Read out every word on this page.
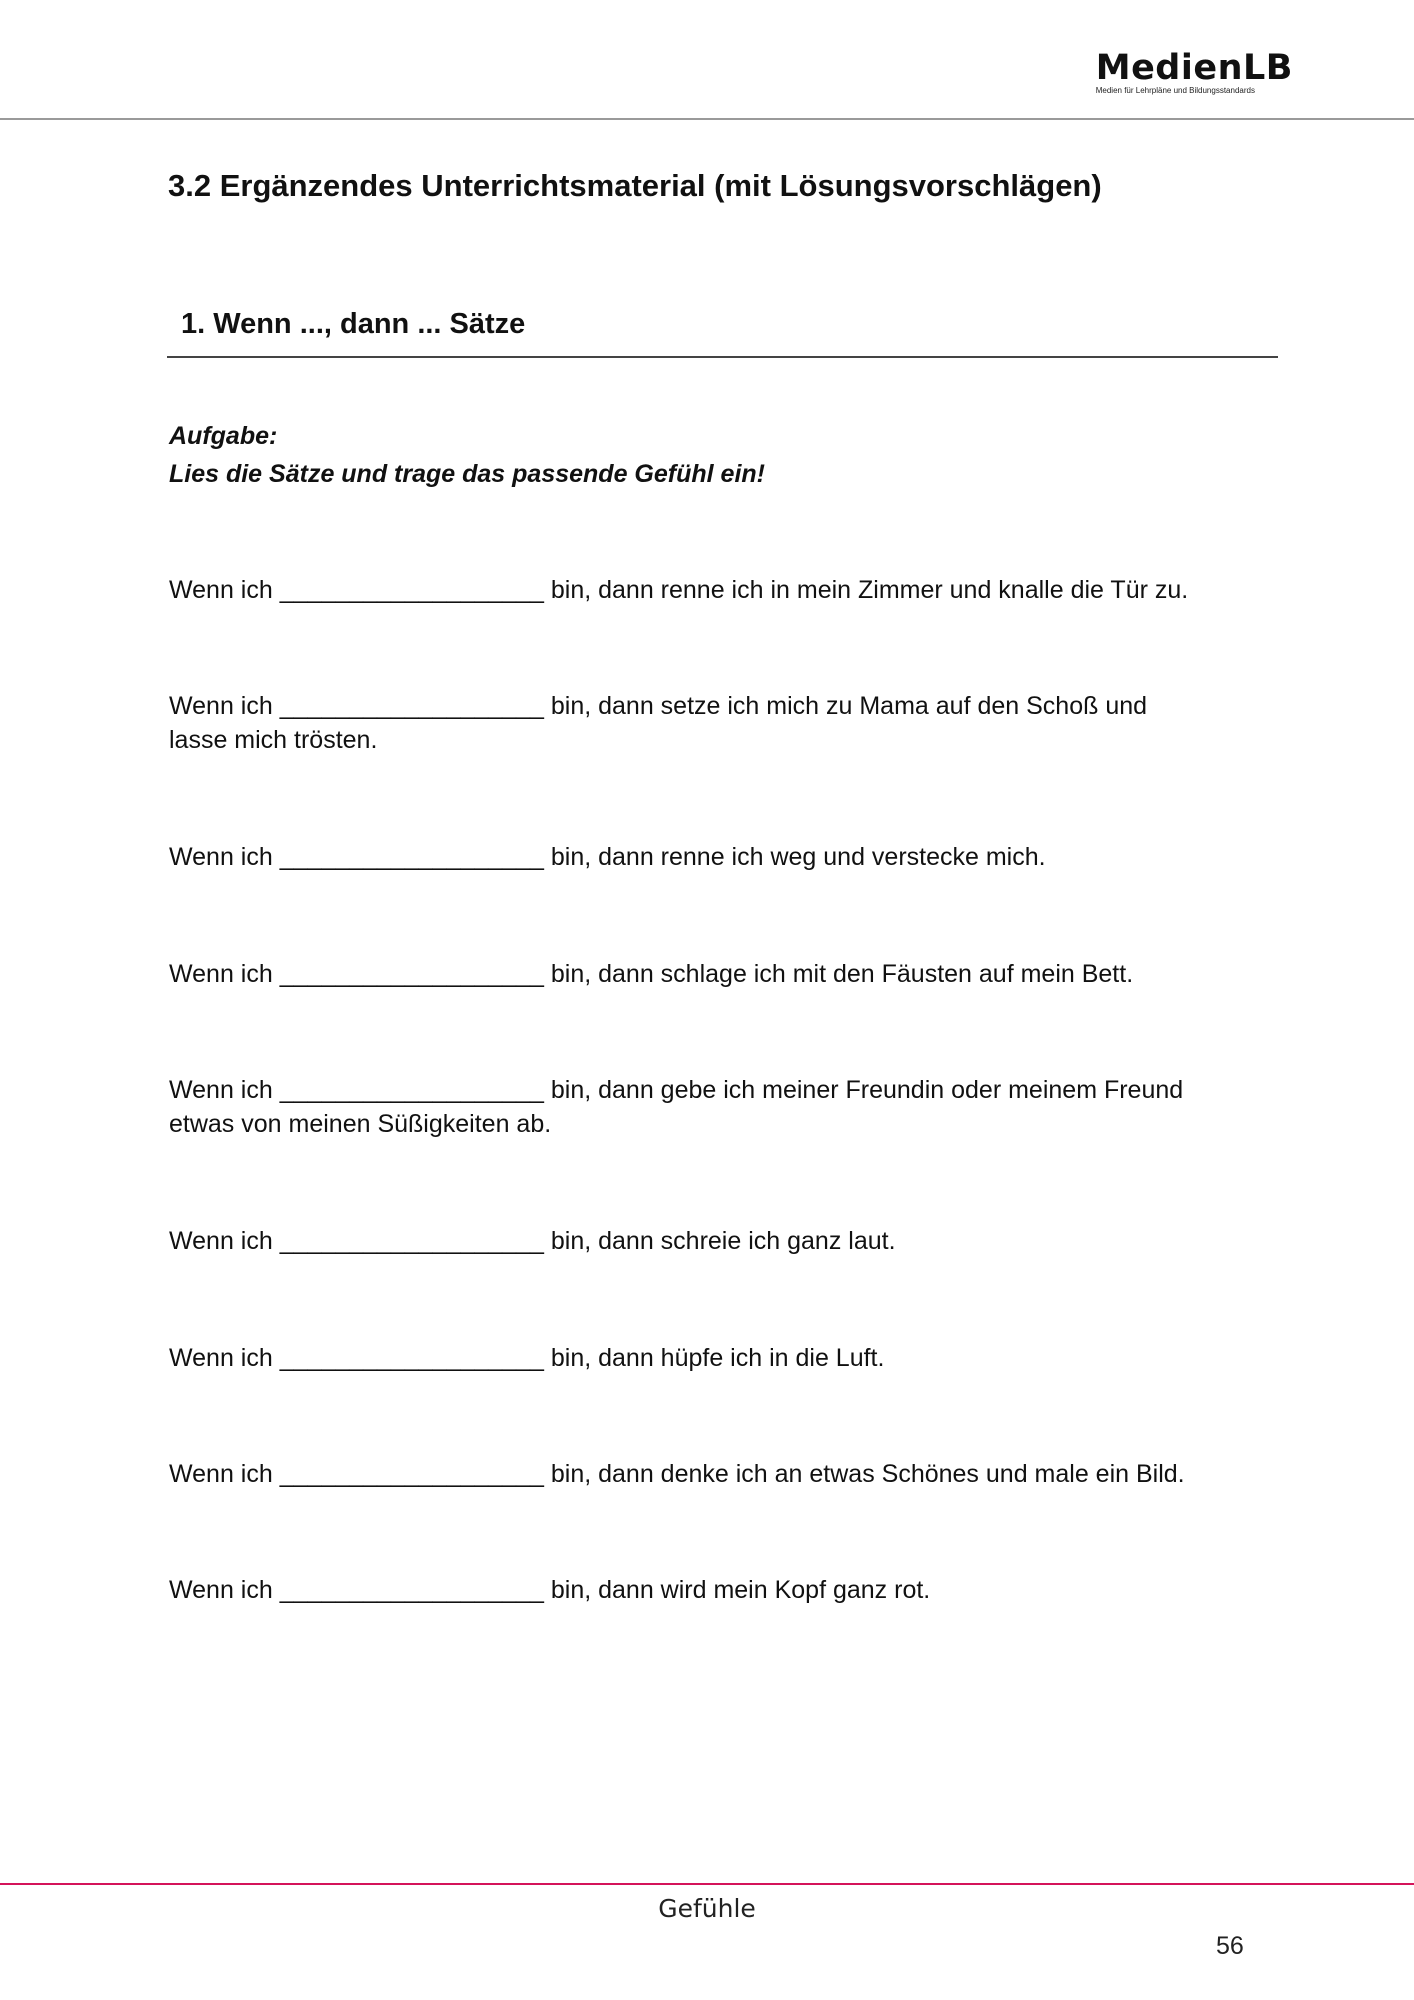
MedienLB
Medien für Lehrpläne und Bildungsstandards
3.2 Ergänzendes Unterrichtsmaterial (mit Lösungsvorschlägen)
1. Wenn ..., dann ... Sätze
Aufgabe:
Lies die Sätze und trage das passende Gefühl ein!
Wenn ich ___________________ bin, dann renne ich in mein Zimmer und knalle die Tür zu.
Wenn ich ___________________ bin, dann setze ich mich zu Mama auf den Schoß und
lasse mich trösten.
Wenn ich ___________________ bin, dann renne ich weg und verstecke mich.
Wenn ich ___________________ bin, dann schlage ich mit den Fäusten auf mein Bett.
Wenn ich ___________________ bin, dann gebe ich meiner Freundin oder meinem Freund
etwas von meinen Süßigkeiten ab.
Wenn ich ___________________ bin, dann schreie ich ganz laut.
Wenn ich ___________________ bin, dann hüpfe ich in die Luft.
Wenn ich ___________________ bin, dann denke ich an etwas Schönes und male ein Bild.
Wenn ich ___________________ bin, dann wird mein Kopf ganz rot.
Gefühle
56
